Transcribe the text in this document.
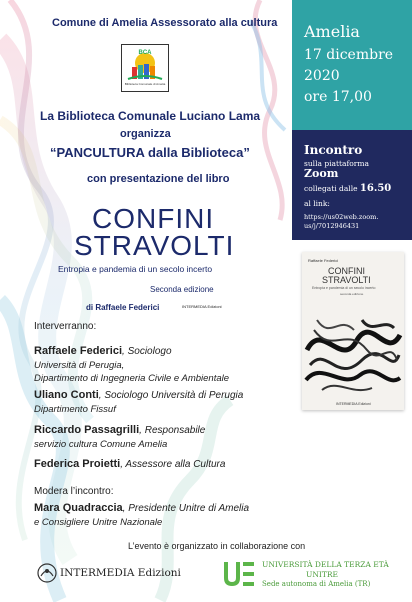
Comune di Amelia Assessorato alla cultura
BCA
Biblioteca Comunale di Amelia
La Biblioteca Comunale Luciano Lama
organizza
“PANCULTURA dalla Biblioteca”
con presentazione del libro
CONFINI
STRAVOLTI
Entropia e pandemia di un secolo incerto
Seconda edizione
di Raffaele Federici	INTERMEDIA Edizioni
Interverranno:
Raffaele Federici, Sociologo
Università di Perugia,
Dipartimento di Ingegneria Civile e Ambientale
Uliano Conti, Sociologo Università di Perugia
Dipartimento Fissuf
Riccardo Passagrilli, Responsabile
servizio cultura Comune Amelia
Federica Proietti, Assessore alla Cultura
Modera l’incontro:
Mara Quadraccia, Presidente Unitre di Amelia
e Consigliere Unitre Nazionale
L’evento è organizzato in collaborazione con
INTERMEDIA Edizioni
UNIVERSITÀ DELLA TERZA ETÀ
UNITRE
Sede autonoma di Amelia (TR)
Amelia
17 dicembre
2020
ore 17,00
Incontro
sulla piattaforma
Zoom
collegati dalle 16.50
al link:
https://us02web.zoom.
us/j/7012946431
Raffaele Federici
CONFINI
STRAVOLTI
Entropia e pandemia di un secolo incerto
seconda edizione
INTERMEDIA Edizioni
